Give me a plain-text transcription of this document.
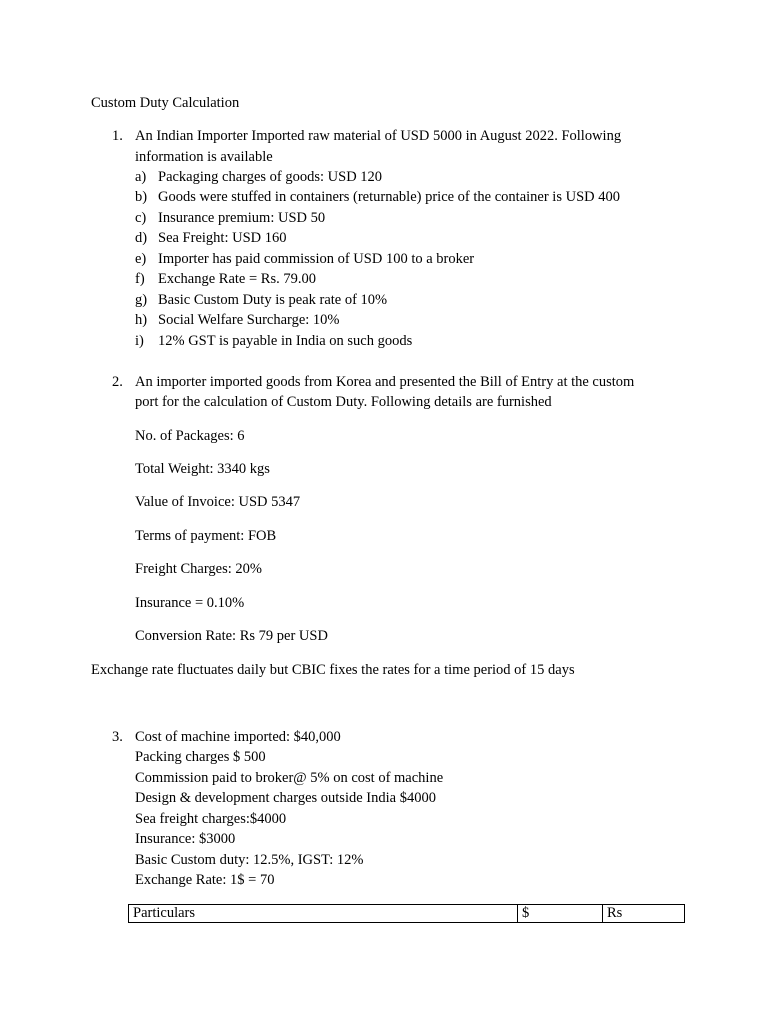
Custom Duty Calculation
1. An Indian Importer Imported raw material of USD 5000 in August 2022. Following
information is available
a) Packaging charges of goods: USD 120
b) Goods were stuffed in containers (returnable) price of the container is USD 400
c) Insurance premium: USD 50
d) Sea Freight: USD 160
e) Importer has paid commission of USD 100 to a broker
f) Exchange Rate = Rs. 79.00
g) Basic Custom Duty is peak rate of 10%
h) Social Welfare Surcharge: 10%
i) 12% GST is payable in India on such goods
2. An importer imported goods from Korea and presented the Bill of Entry at the custom
port for the calculation of Custom Duty. Following details are furnished
No. of Packages: 6
Total Weight: 3340 kgs
Value of Invoice: USD 5347
Terms of payment: FOB
Freight Charges: 20%
Insurance = 0.10%
Conversion Rate: Rs 79 per USD
Exchange rate fluctuates daily but CBIC fixes the rates for a time period of 15 days
3. Cost of machine imported: $40,000
Packing charges $ 500
Commission paid to broker@ 5% on cost of machine
Design & development charges outside India $4000
Sea freight charges:$4000
Insurance: $3000
Basic Custom duty: 12.5%, IGST: 12%
Exchange Rate: 1$ = 70
Particulars	$	Rs
